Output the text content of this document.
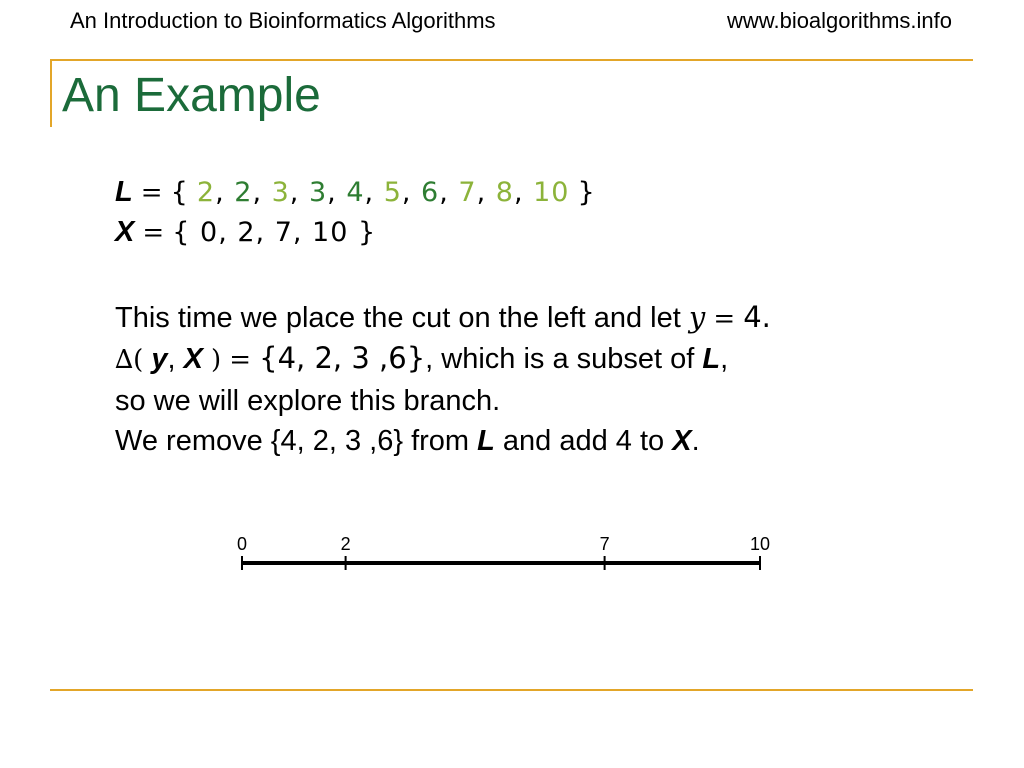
An Introduction to Bioinformatics Algorithms	www.bioalgorithms.info
An Example
L = { 2, 2, 3, 3, 4, 5, 6, 7, 8, 10 }
X = { 0, 2, 7, 10 }
This time we place the cut on the left and let y = 4.
∆( y, X ) = {4, 2, 3 ,6}, which is a subset of L,
so we will explore this branch.
We remove {4, 2, 3 ,6} from L and add 4 to X.
0	2	7	10
